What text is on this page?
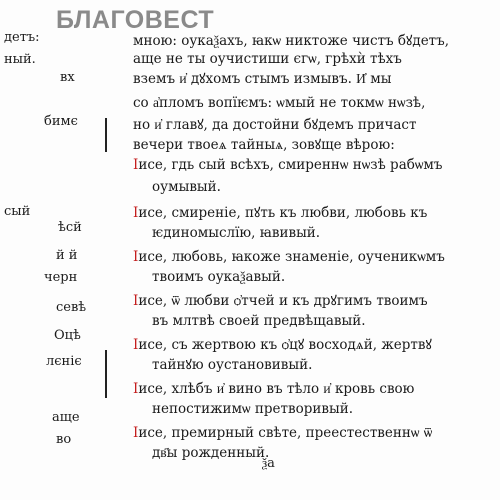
детъ:
ный.
вх
бимє
сый
ѣсй
й й
черн
севѣ
Оцѣ
лєніє
аще
во
мною: оукаѯахъ, ꙗкѡ никтоже чистъ бꙋдетъ,
аще не ты оучистиши єгѡ, грѣхѝ тѣхъ
вземъ и҆ дꙋхомъ стымъ измывъ. И҆ мы
со а҆пломъ вопїѥмъ: ѡмый не токмѡ нѡзѣ,
но и҆ главꙋ, да достойни бꙋдемъ причаст
вечери твоеѧ тайныѧ, зовꙋще вѣрою:
Іисе, гдь сый всѣхъ, смиреннѡ нѡзѣ рабѡмъ
оумывый.
Іисе, смиреніе, пꙋть къ любви, любовь къ
ѥдиномыслїю, ꙗвивый.
Іисе, любовь, ꙗкоже знаменіе, оученикѡмъ
твоимъ оукаѯавый.
Іисе, ѿ любви ѻ҆тчей и къ дрꙋгимъ твоимъ
въ млтвѣ своей предвѣщавый.
Іисе, съ жертвою къ ѻ҆цꙋ восходѧй, жертвꙋ
тайнꙋю оустановивый.
Іисе, хлѣбъ и҆ вино въ тѣло и҆ кровь свою
непостижимѡ претворивый.
Іисе, премирный свѣте, преестественнѡ ѿ
дв҃ы рожденный.
ѯа
БЛАГОВЕСТ
